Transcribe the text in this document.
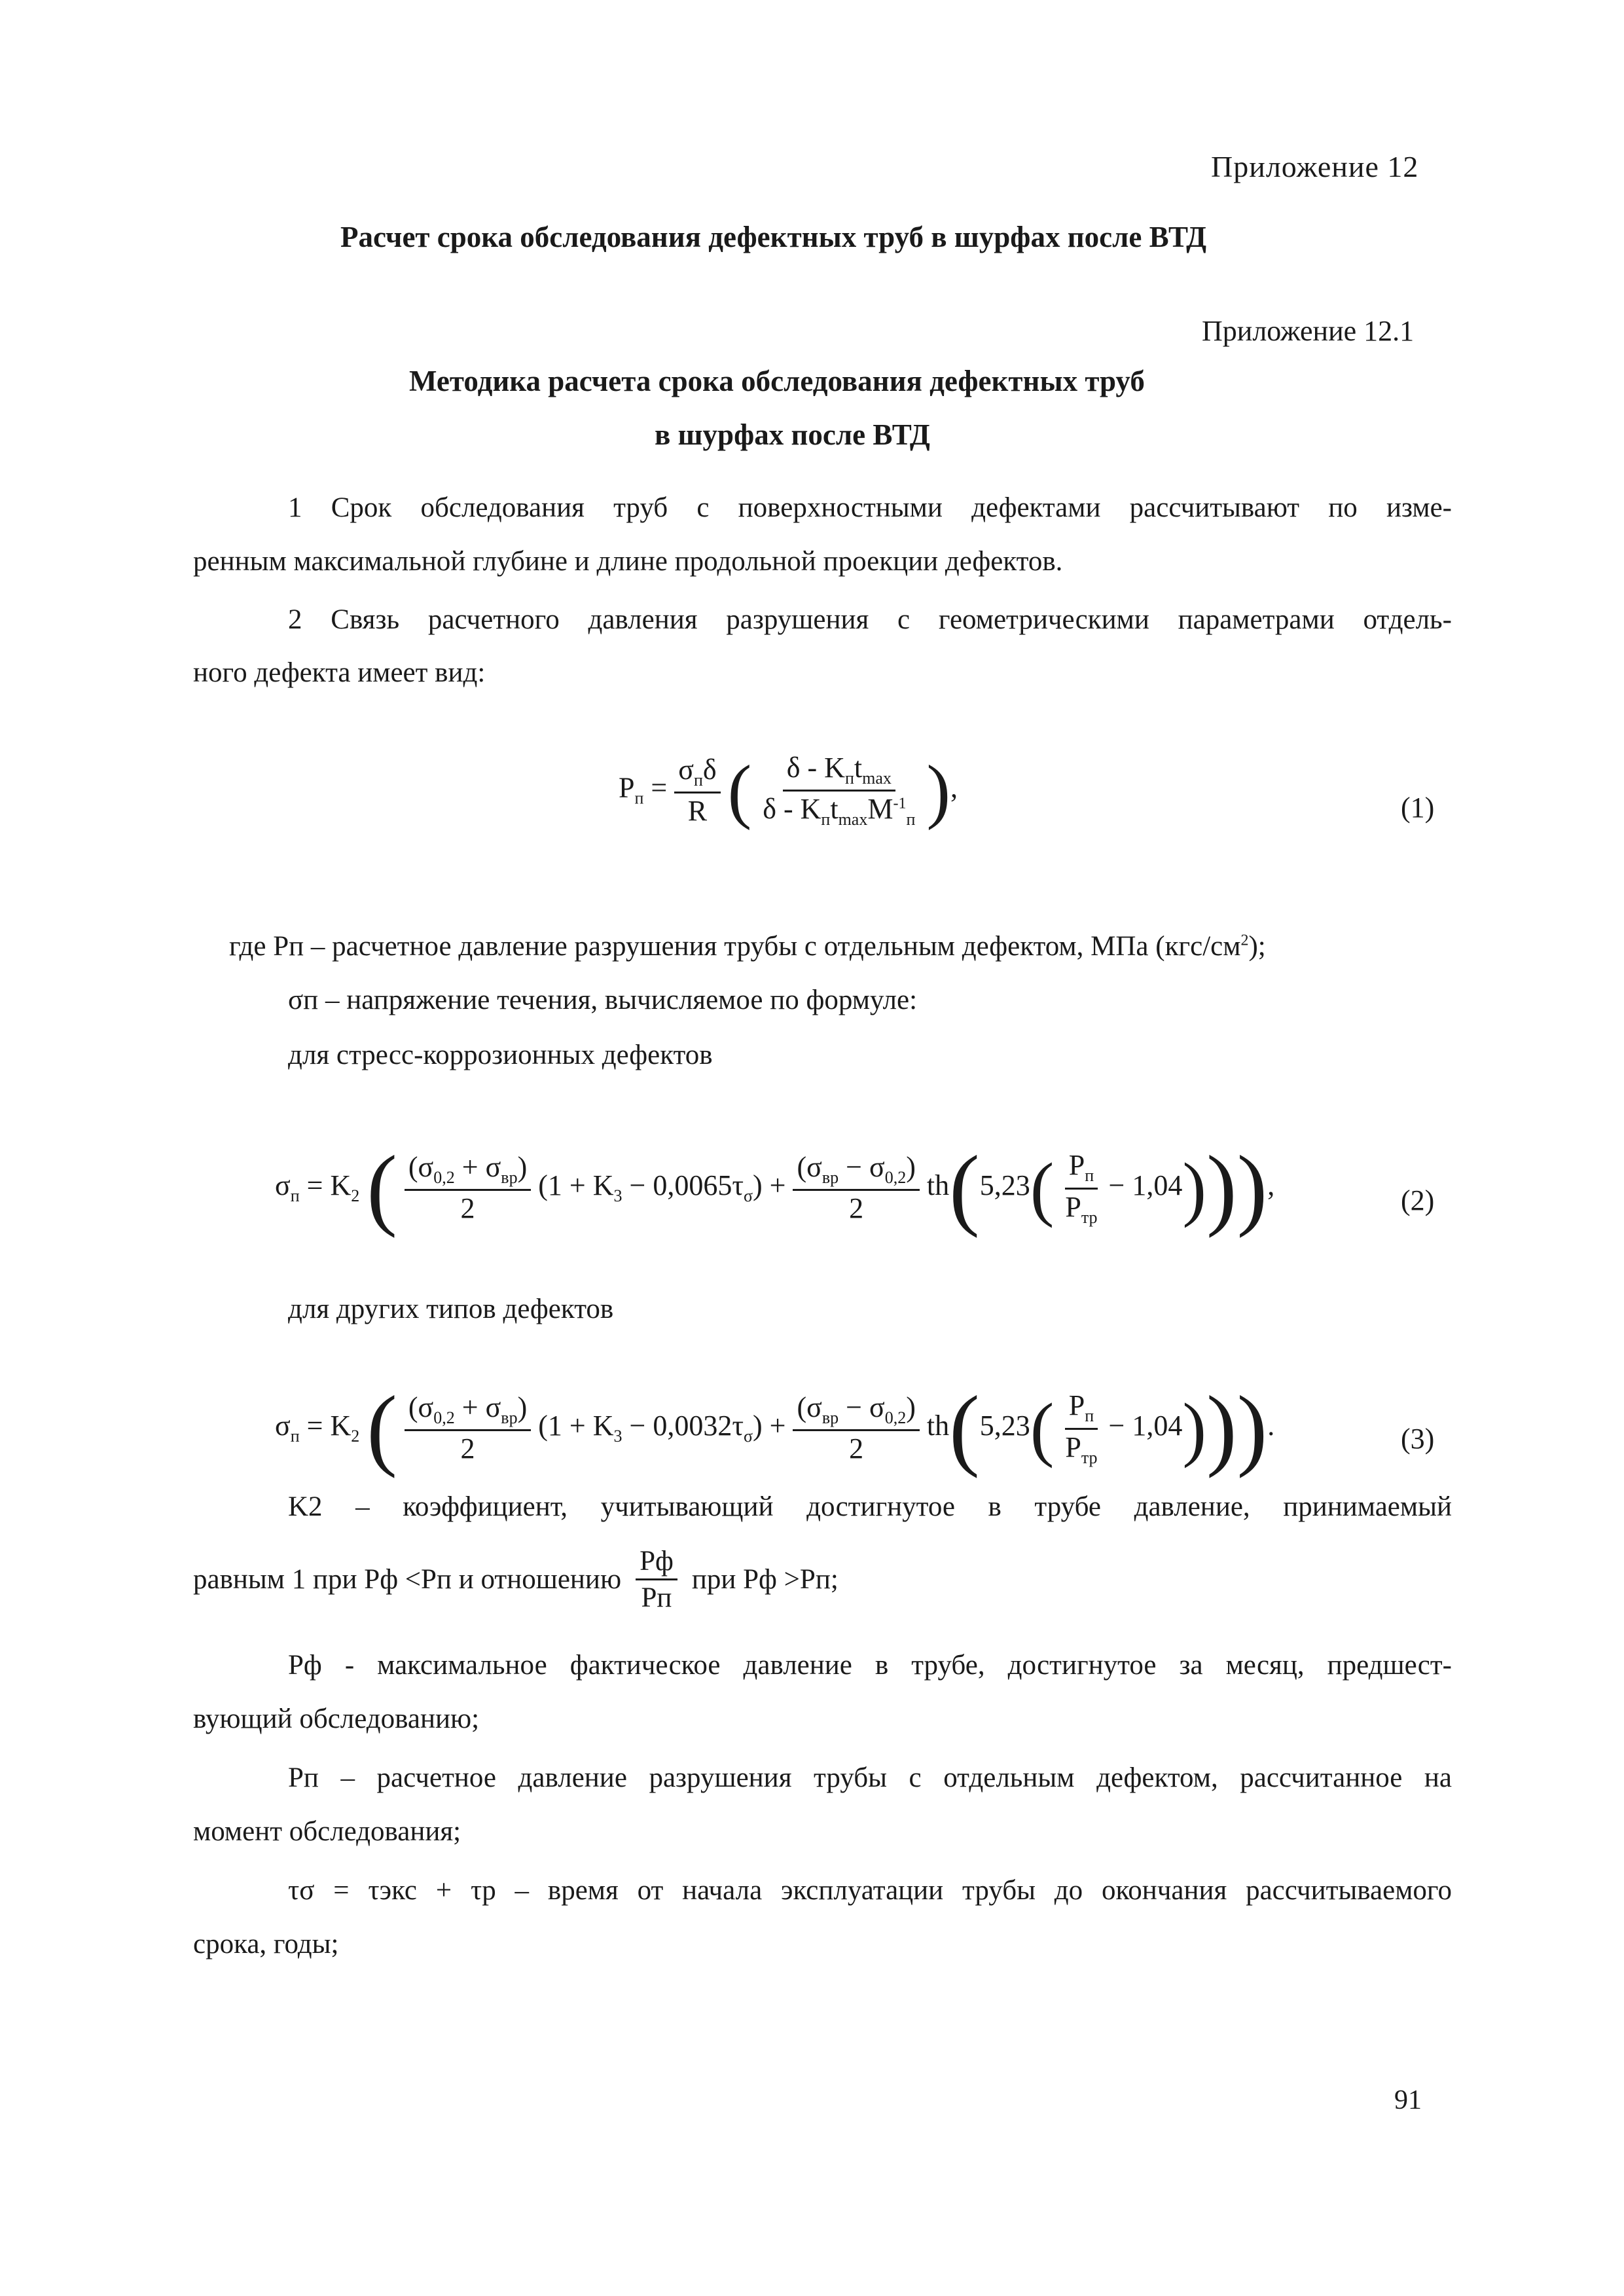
Приложение 12
Расчет срока обследования дефектных труб в шурфах после ВТД
Приложение 12.1
Методика расчета срока обследования дефектных труб
в шурфах после ВТД
1 Срок обследования труб с поверхностными дефектами рассчитывают по изме-
ренным максимальной глубине и длине продольной проекции дефектов.
2 Связь расчетного давления разрушения с геометрическими параметрами отдель-
ного дефекта имеет вид:
$P_п = \frac{\sigma_п\delta}{R}$ ( $\frac{\delta - K_пt_{max}}{\delta - K_пt_{max}M^{-1}_п}$ ),
(1)
где Pп – расчетное давление разрушения трубы с отдельным дефектом, МПа $(кгс/см^2)$;
σп – напряжение течения, вычисляемое по формуле:
для стресс-коррозионных дефектов
$\sigma_п = K_2$ ( $\frac{(\sigma_{0,2} + \sigma_{вр})}{2} (1 + K_3 - 0,0065\tau_\sigma) + \frac{(\sigma_{вр} - \sigma_{0,2})}{2} th(5,23( \frac{P_п}{P_{тр}} - 1,04))$),	(2)
для других типов дефектов
$\sigma_п = K_2$ ( $\frac{(\sigma_{0,2} + \sigma_{вр})}{2} (1 + K_3 - 0,0032\tau_\sigma) + \frac{(\sigma_{вр} - \sigma_{0,2})}{2} th(5,23( \frac{P_п}{P_{тр}} - 1,04))$).	(3)
K2 – коэффициент, учитывающий достигнутое в трубе давление, принимаемый
равным 1 при Pф <Pп и отношению $\frac{Pф}{Pп}$ при Pф >Pп;
Pф - максимальное фактическое давление в трубе, достигнутое за месяц, предшест-
вующий обследованию;
Pп – расчетное давление разрушения трубы с отдельным дефектом, рассчитанное на
момент обследования;
τσ = τэкс + τр – время от начала эксплуатации трубы до окончания рассчитываемого
срока, годы;
91
